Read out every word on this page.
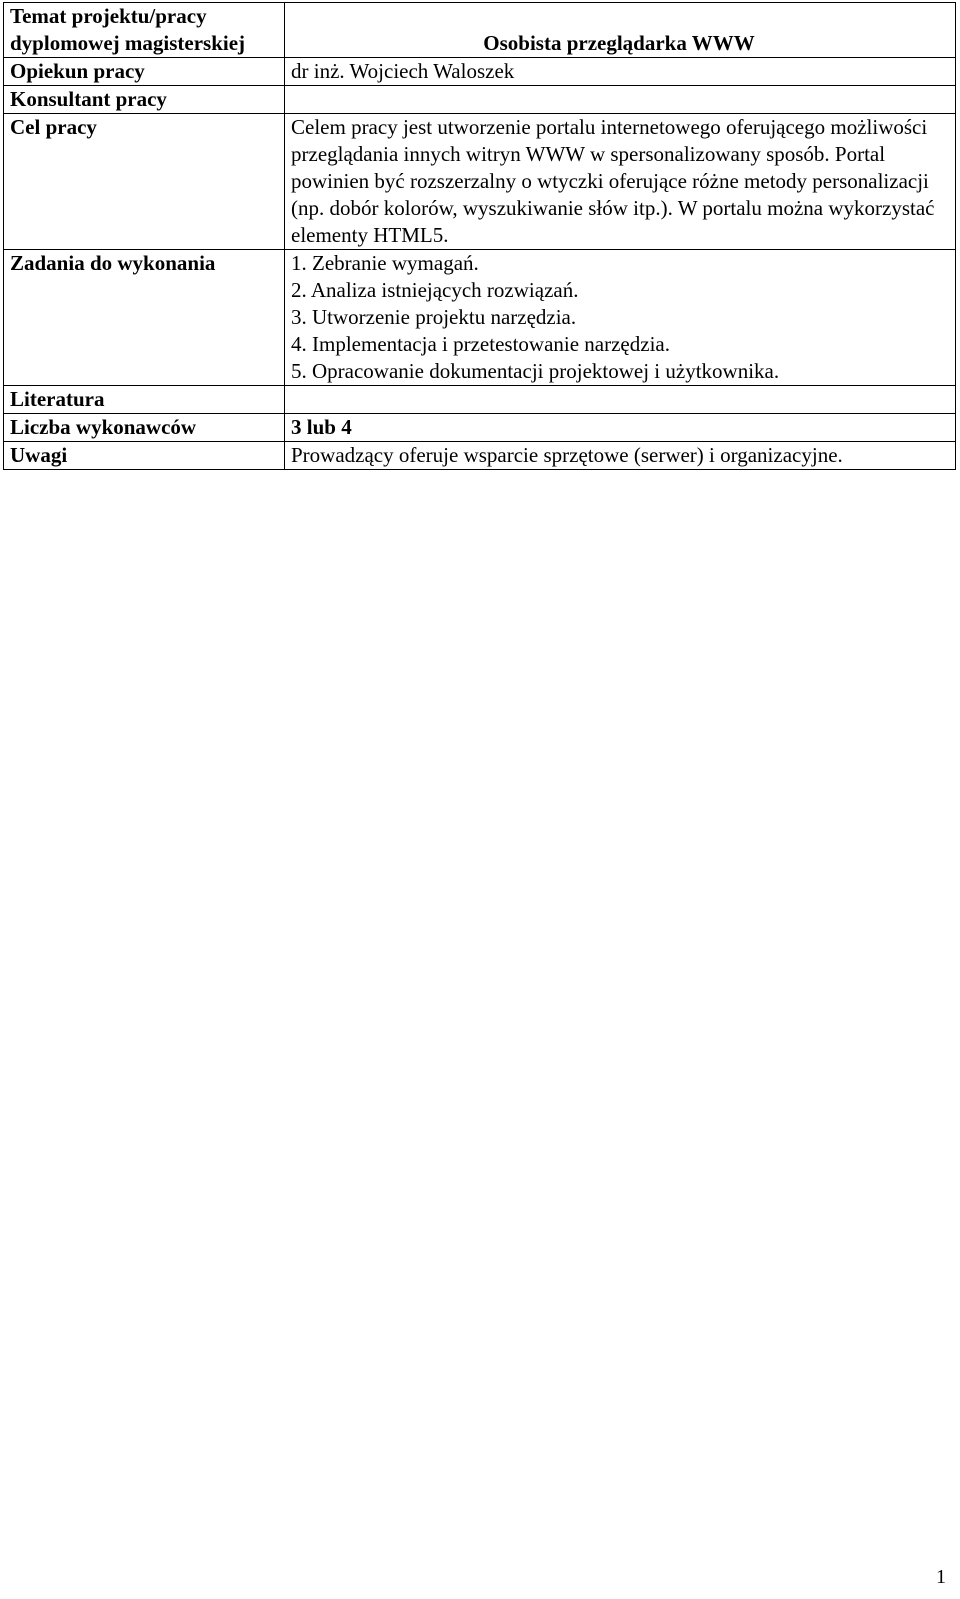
Temat projektu/pracy dyplomowej magisterskiej	Osobista przeglądarka WWW

Opiekun pracy	dr inż. Wojciech Waloszek
Konsultant pracy	
Cel pracy	Celem pracy jest utworzenie portalu internetowego oferującego możliwości przeglądania innych witryn WWW w spersonalizowany sposób. Portal powinien być rozszerzalny o wtyczki oferujące różne metody personalizacji (np. dobór kolorów, wyszukiwanie słów itp.). W portalu można wykorzystać elementy HTML5.
Zadania do wykonania	1. Zebranie wymagań.
2. Analiza istniejących rozwiązań.
3. Utworzenie projektu narzędzia.
4. Implementacja i przetestowanie narzędzia.
5. Opracowanie dokumentacji projektowej i użytkownika.

Literatura	
Liczba wykonawców	3 lub 4
Uwagi	Prowadzący oferuje wsparcie sprzętowe (serwer) i organizacyjne.
1
